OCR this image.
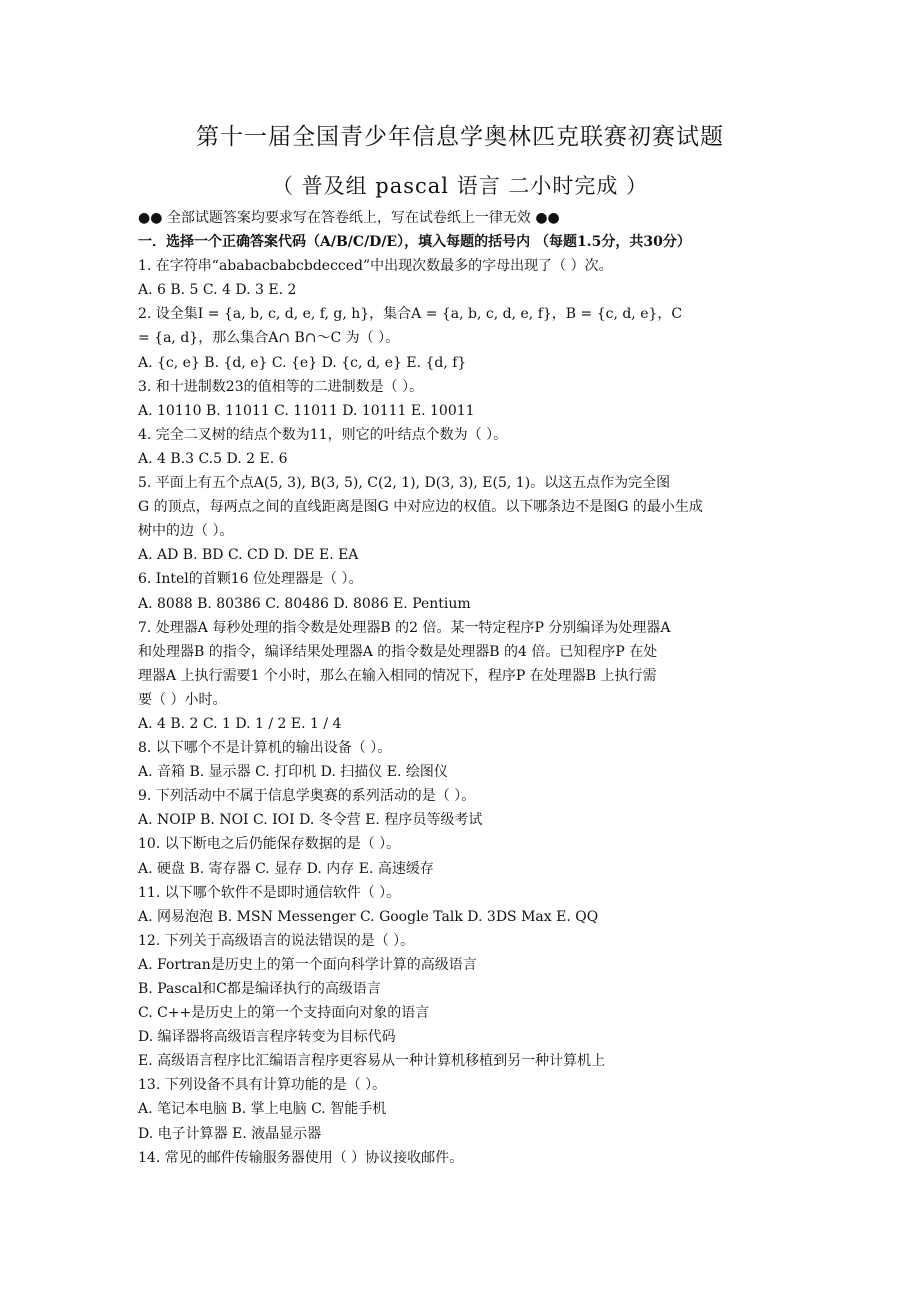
第十一届全国青少年信息学奥林匹克联赛初赛试题
（ 普及组 pascal 语言 二小时完成 ）
●● 全部试题答案均要求写在答卷纸上，写在试卷纸上一律无效 ●●
一．选择一个正确答案代码（A/B/C/D/E），填入每题的括号内 （每题1.5分，共30分）
1. 在字符串“ababacbabcbdecced”中出现次数最多的字母出现了（ ）次。
A. 6 B. 5 C. 4 D. 3 E. 2
2. 设全集I = {a, b, c, d, e, f, g, h}，集合A = {a, b, c, d, e, f}，B = {c, d, e}，C
= {a, d}，那么集合A∩ B∩～C 为（ ）。
A. {c, e} B. {d, e} C. {e} D. {c, d, e} E. {d, f}
3. 和十进制数23的值相等的二进制数是（ ）。
A. 10110 B. 11011 C. 11011 D. 10111 E. 10011
4. 完全二叉树的结点个数为11，则它的叶结点个数为（ ）。
A. 4 B.3 C.5 D. 2 E. 6
5. 平面上有五个点A(5, 3), B(3, 5), C(2, 1), D(3, 3), E(5, 1)。以这五点作为完全图
G 的顶点，每两点之间的直线距离是图G 中对应边的权值。以下哪条边不是图G 的最小生成
树中的边（ ）。
A. AD B. BD C. CD D. DE E. EA
6. Intel的首颗16 位处理器是（ ）。
A. 8088 B. 80386 C. 80486 D. 8086 E. Pentium
7. 处理器A 每秒处理的指令数是处理器B 的2 倍。某一特定程序P 分别编译为处理器A
和处理器B 的指令，编译结果处理器A 的指令数是处理器B 的4 倍。已知程序P 在处
理器A 上执行需要1 个小时，那么在输入相同的情况下，程序P 在处理器B 上执行需
要（ ）小时。
A. 4 B. 2 C. 1 D. 1 / 2 E. 1 / 4
8. 以下哪个不是计算机的输出设备（ ）。
A. 音箱 B. 显示器 C. 打印机 D. 扫描仪 E. 绘图仪
9. 下列活动中不属于信息学奥赛的系列活动的是（ ）。
A. NOIP B. NOI C. IOI D. 冬令营 E. 程序员等级考试
10. 以下断电之后仍能保存数据的是（ ）。
A. 硬盘 B. 寄存器 C. 显存 D. 内存 E. 高速缓存
11. 以下哪个软件不是即时通信软件（ ）。
A. 网易泡泡 B. MSN Messenger C. Google Talk D. 3DS Max E. QQ
12. 下列关于高级语言的说法错误的是（ ）。
A. Fortran是历史上的第一个面向科学计算的高级语言
B. Pascal和C都是编译执行的高级语言
C. C++是历史上的第一个支持面向对象的语言
D. 编译器将高级语言程序转变为目标代码
E. 高级语言程序比汇编语言程序更容易从一种计算机移植到另一种计算机上
13. 下列设备不具有计算功能的是（ ）。
A. 笔记本电脑 B. 掌上电脑 C. 智能手机
D. 电子计算器 E. 液晶显示器
14. 常见的邮件传输服务器使用（ ）协议接收邮件。
